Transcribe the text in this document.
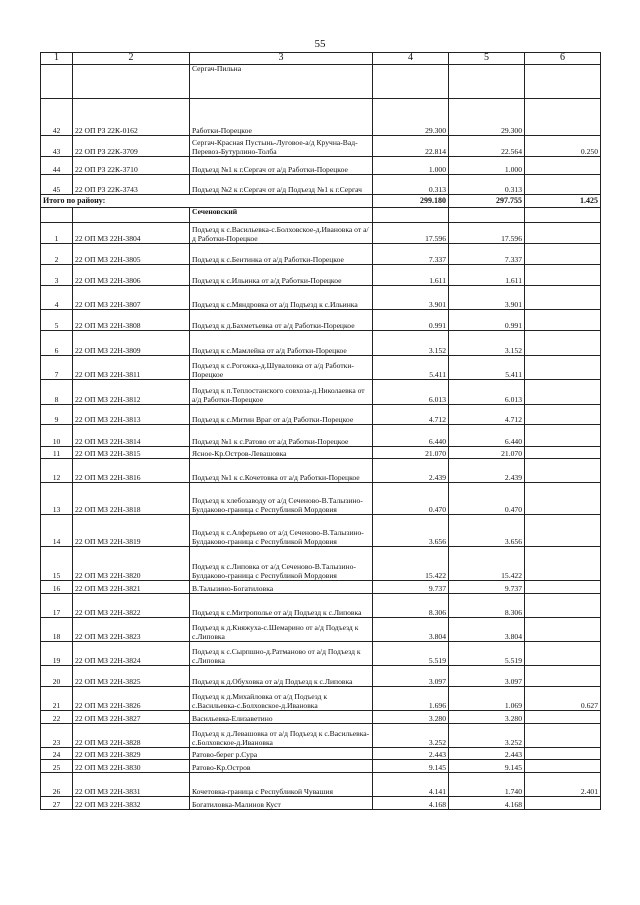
55
1	2	3	4	5	6
		Сергач-Пильна			
42	22 ОП РЗ 22К-0162	Работки-Порецкое	29.300	29.300	
43	22 ОП РЗ 22К-3709	Сергач-Красная Пустынь-Луговое-а/д Кручна-Вад-Перевоз-Бутурлино-Толба	22.814	22.564	0.250
44	22 ОП РЗ 22К-3710	Подъезд №1 к г.Сергач от а/д Работки-Порецкое	1.000	1.000	
45	22 ОП РЗ 22К-3743	Подъезд №2 к г.Сергач от а/д Подъезд №1 к г.Сергач	0.313	0.313	
Итого по району:			299.180	297.755	1.425
		Сеченовский			
1	22 ОП МЗ 22Н-3804	Подъезд к с.Васильевка-с.Болховское-д.Ивановка от а/д Работки-Порецкое	17.596	17.596	
2	22 ОП МЗ 22Н-3805	Подъезд к с.Бентинка от а/д Работки-Порецкое	7.337	7.337	
3	22 ОП МЗ 22Н-3806	Подъезд к с.Ильинка от а/д Работки-Порецкое	1.611	1.611	
4	22 ОП МЗ 22Н-3807	Подъезд к с.Мяндровка от а/д Подъезд к с.Ильинка	3.901	3.901	
5	22 ОП МЗ 22Н-3808	Подъезд к д.Бахметьевка от а/д Работки-Порецкое	0.991	0.991	
6	22 ОП МЗ 22Н-3809	Подъезд к с.Мамлейка от а/д Работки-Порецкое	3.152	3.152	
7	22 ОП МЗ 22Н-3811	Подъезд к с.Рогожка-д.Шуваловка от а/д Работки-Порецкое	5.411	5.411	
8	22 ОП МЗ 22Н-3812	Подъезд к п.Теплостанского совхоза-д.Николаевка от а/д Работки-Порецкое	6.013	6.013	
9	22 ОП МЗ 22Н-3813	Подъезд к с.Митин Враг от а/д Работки-Порецкое	4.712	4.712	
10	22 ОП МЗ 22Н-3814	Подъезд №1 к с.Ратово от а/д Работки-Порецкое	6.440	6.440	
11	22 ОП МЗ 22Н-3815	Ясное-Кр.Остров-Левашовка	21.070	21.070	
12	22 ОП МЗ 22Н-3816	Подъезд №1 к с.Кочетовка от а/д Работки-Порецкое	2.439	2.439	
13	22 ОП МЗ 22Н-3818	Подъезд к хлебозаводу от а/д Сеченово-В.Талызино-Булдаково-граница с Республикой Мордовия	0.470	0.470	
14	22 ОП МЗ 22Н-3819	Подъезд к с.Алферьево от а/д Сеченово-В.Талызино-Булдаково-граница с Республикой Мордовия	3.656	3.656	
15	22 ОП МЗ 22Н-3820	Подъезд к с.Липовка от а/д Сеченово-В.Талызино-Булдаково-граница с Республикой Мордовия	15.422	15.422	
16	22 ОП МЗ 22Н-3821	В.Талызино-Богатиловка	9.737	9.737	
17	22 ОП МЗ 22Н-3822	Подъезд к с.Митрополье от а/д Подъезд к с.Липовка	8.306	8.306	
18	22 ОП МЗ 22Н-3823	Подъезд к д.Княжуха-с.Шемарино от а/д Подъезд к с.Липовка	3.804	3.804	
19	22 ОП МЗ 22Н-3824	Подъезд к с.Сырпшно-д.Ратманово от а/д Подъезд к с.Липовка	5.519	5.519	
20	22 ОП МЗ 22Н-3825	Подъезд к д.Обуховка от а/д Подъезд к с.Липовка	3.097	3.097	
21	22 ОП МЗ 22Н-3826	Подъезд к д.Михайловка от а/д Подъезд к с.Васильевка-с.Болховское-д.Ивановка	1.696	1.069	0.627
22	22 ОП МЗ 22Н-3827	Васильевка-Елизаветино	3.280	3.280	
23	22 ОП МЗ 22Н-3828	Подъезд к д.Левашовка от а/д Подъезд к с.Васильевка-с.Болховское-д.Ивановка	3.252	3.252	
24	22 ОП МЗ 22Н-3829	Ратово-берег р.Сура	2.443	2.443	
25	22 ОП МЗ 22Н-3830	Ратово-Кр.Остров	9.145	9.145	
26	22 ОП МЗ 22Н-3831	Кочетовка-граница с Республикой Чувашия	4.141	1.740	2.401
27	22 ОП МЗ 22Н-3832	Богатиловка-Малинов Куст	4.168	4.168	
